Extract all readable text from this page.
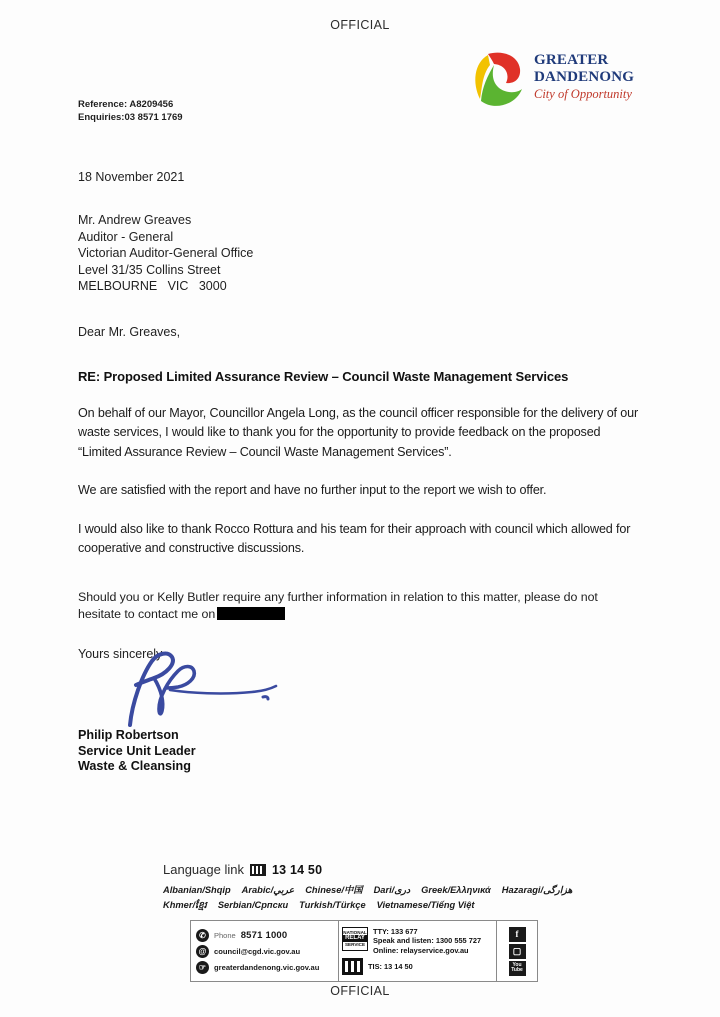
OFFICIAL
Reference: A8209456
Enquiries:03 8571 1769
GREATER
DANDENONG
City of Opportunity
18 November 2021
Mr. Andrew Greaves
Auditor - General
Victorian Auditor-General Office
Level 31/35 Collins Street
MELBOURNE   VIC   3000
Dear Mr. Greaves,
RE: Proposed Limited Assurance Review – Council Waste Management Services
On behalf of our Mayor, Councillor Angela Long, as the council officer responsible for the delivery of our waste services, I would like to thank you for the opportunity to provide feedback on the proposed “Limited Assurance Review – Council Waste Management Services”.
We are satisfied with the report and have no further input to the report we wish to offer.
I would also like to thank Rocco Rottura and his team for their approach with council which allowed for cooperative and constructive discussions.
Should you or Kelly Butler require any further information in relation to this matter, please do not hesitate to contact me on
Yours sincerely
Philip Robertson
Service Unit Leader
Waste & Cleansing
Language link 13 14 50
Albanian/Shqip Arabic/عربي Chinese/中国 Dari/دری Greek/Ελληνικά Hazaragi/هزارگی
Khmer/ខ្មែរ Serbian/Српски Turkish/Türkçe Vietnamese/Tiếng Việt
✆	Phone 8571 1000
@ council@cgd.vic.gov.au
☞	greaterdandenong.vic.gov.au
NATIONAL
RELAY
SERVICE
TTY: 133 677
Speak and listen: 1300 555 727
Online: relayservice.gov.au
TIS: 13 14 50
f
▢
You
Tube
OFFICIAL
